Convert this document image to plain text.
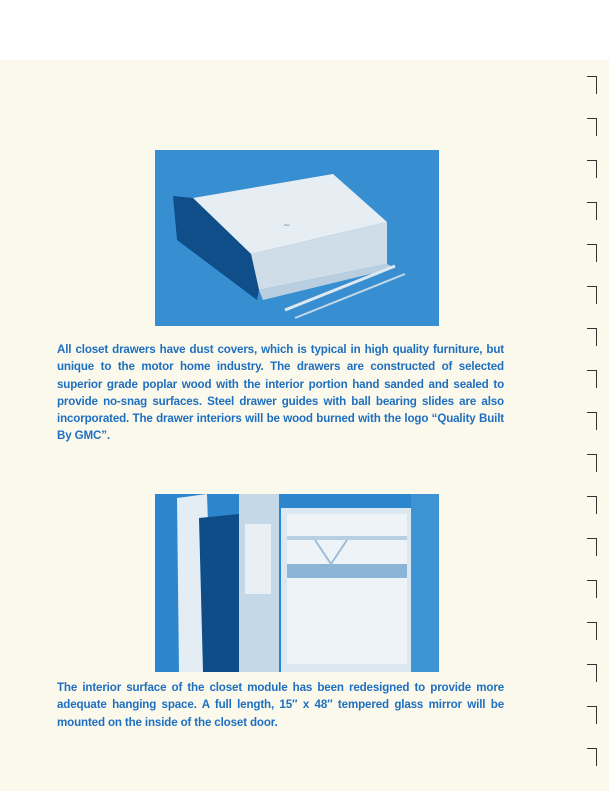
~

All closet drawers have dust covers, which is typical in high quality furniture, but unique to the motor home industry. The drawers are constructed of selected superior grade poplar wood with the interior portion hand sanded and sealed to provide no-snag surfaces. Steel drawer guides with ball bearing slides are also incorporated. The drawer interiors will be wood burned with the logo “Quality Built By GMC”.

The interior surface of the closet module has been redesigned to provide more adequate hanging space. A full length, 15″ x 48″ tempered glass mirror will be mounted on the inside of the closet door.
